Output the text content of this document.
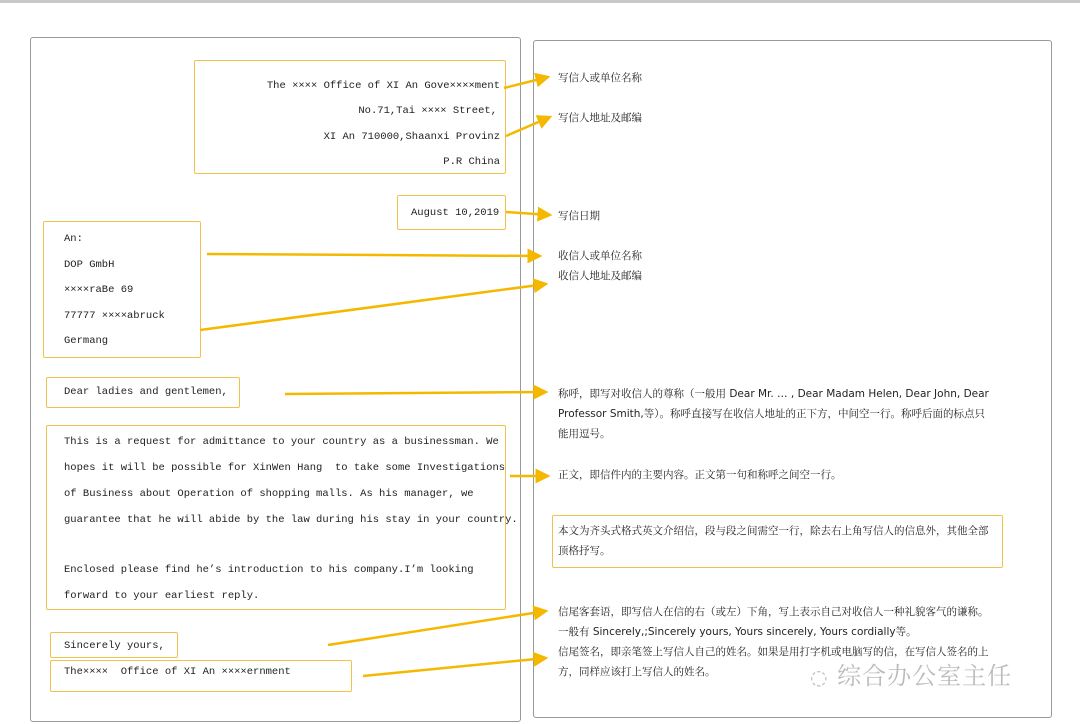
The ×××× Office of XI An Gove××××ment
No.71,Tai ×××× Street,
XI An 710000,Shaanxi Provinz
P.R China
August 10,2019
An:
DOP GmbH
××××raBe 69
77777 ××××abruck
Germang
Dear ladies and gentlemen,
This is a request for admittance to your country as a businessman. We
hopes it will be possible for XinWen Hang  to take some Investigations
of Business about Operation of shopping malls. As his manager, we
guarantee that he will abide by the law during his stay in your country.
Enclosed please find he’s introduction to his company.I’m looking
forward to your earliest reply.
Sincerely yours,
The××××  Office of XI An ××××ernment
写信人或单位名称
写信人地址及邮编
写信日期
收信人或单位名称
收信人地址及邮编
称呼，即写对收信人的尊称（一般用 Dear Mr. … , Dear Madam Helen, Dear John, Dear Professor Smith,等）。称呼直接写在收信人地址的正下方，中间空一行。称呼后面的标点只能用逗号。
正文，即信件内的主要内容。正文第一句和称呼之间空一行。
本文为齐头式格式英文介绍信，段与段之间需空一行，除去右上角写信人的信息外，其他全部顶格抒写。
信尾客套语，即写信人在信的右（或左）下角，写上表示自己对收信人一种礼貌客气的谦称。一般有 Sincerely,;Sincerely yours, Yours sincerely, Yours cordially等。
信尾签名，即亲笔签上写信人自己的姓名。如果是用打字机或电脑写的信，在写信人签名的上方，同样应该打上写信人的姓名。	◌ 综合办公室主任
